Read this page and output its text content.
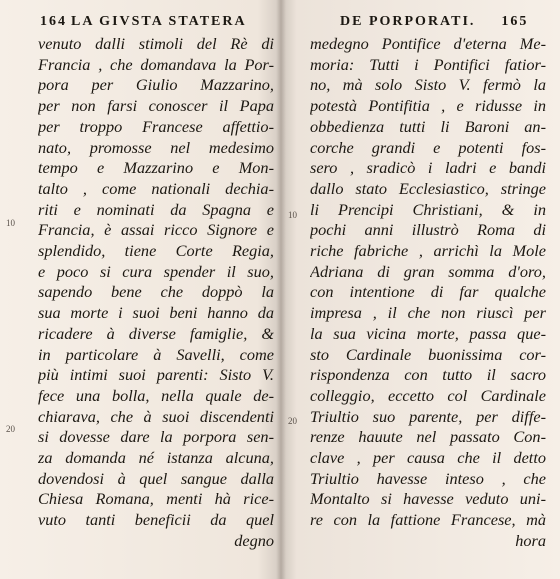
164 LA GIVSTA STATERA
10
20
venuto dalli stimoli del Rè di
Francia , che domandava la Por-
pora per Giulio Mazzarino,
per non farsi conoscer il Papa
per troppo Francese affettio-
nato, promosse nel medesimo
tempo e Mazzarino e Mon-
talto , come nationali dechia-
riti e nominati da Spagna e
Francia, è assai ricco Signore e
splendido, tiene Corte Regia,
e poco si cura spender il suo,
sapendo bene che doppò la
sua morte i suoi beni hanno da
ricadere à diverse famiglie, &
in particolare à Savelli, come
più intimi suoi parenti: Sisto V.
fece una bolla, nella quale de-
chiarava, che à suoi discendenti
si dovesse dare la porpora sen-
za domanda né istanza alcuna,
dovendosi à quel sangue dalla
Chiesa Romana, menti hà rice-
vuto tanti beneficii da quel
degno
DE PORPORATI. 165
10
20
medegno Pontifice d'eterna Me-
moria: Tutti i Pontifici fatior-
no, mà solo Sisto V. fermò la
potestà Pontifitia , e ridusse in
obbedienza tutti li Baroni an-
corche grandi e potenti fos-
sero , sradicò i ladri e bandi
dallo stato Ecclesiastico, stringe
li Prencipi Christiani, & in
pochi anni illustrò Roma di
riche fabriche , arrichì la Mole
Adriana di gran somma d'oro,
con intentione di far qualche
impresa , il che non riuscì per
la sua vicina morte, passa que-
sto Cardinale buonissima cor-
rispondenza con tutto il sacro
colleggio, eccetto col Cardinale
Triultio suo parente, per diffe-
renze hauute nel passato Con-
clave , per causa che il detto
Triultio havesse inteso , che
Montalto si havesse veduto uni-
re con la fattione Francese, mà
hora
